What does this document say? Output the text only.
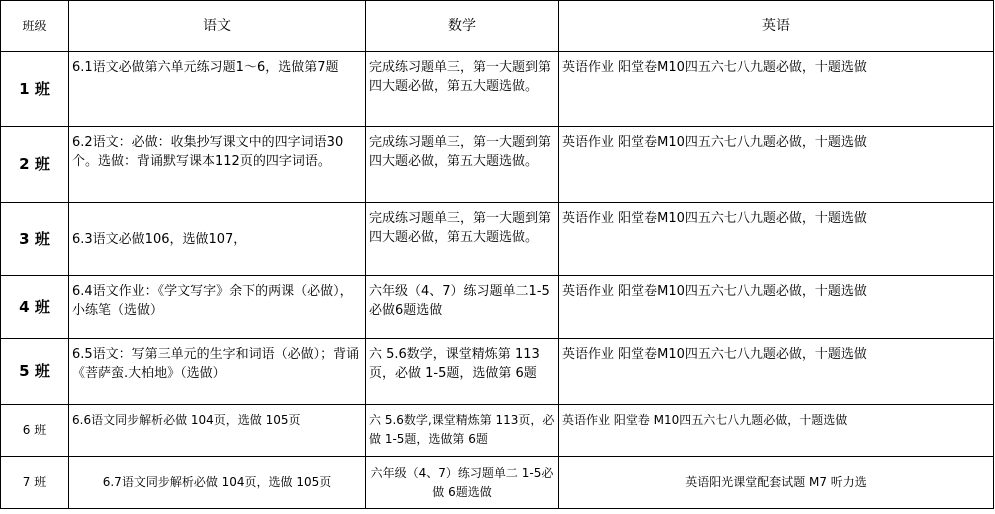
班级	语文	数学	英语
1 班	6.1语文必做第六单元练习题1～6，选做第7题	完成练习题单三，第一大题到第四大题必做，第五大题选做。	英语作业 阳堂卷M10四五六七八九题必做，十题选做
2 班	6.2语文：必做：收集抄写课文中的四字词语30个。选做：背诵默写课本112页的四字词语。	完成练习题单三，第一大题到第四大题必做，第五大题选做。	英语作业 阳堂卷M10四五六七八九题必做，十题选做
3 班	6.3语文必做106，选做107，	完成练习题单三，第一大题到第四大题必做，第五大题选做。	英语作业 阳堂卷M10四五六七八九题必做，十题选做
4 班	6.4语文作业：《学文写字》余下的两课（必做），小练笔（选做）	六年级（4、7）练习题单二1-5必做6题选做	英语作业 阳堂卷M10四五六七八九题必做，十题选做
5 班	6.5语文：写第三单元的生字和词语（必做）；背诵《菩萨蛮.大柏地》（选做）	六 5.6数学，课堂精炼第 113页，必做 1-5题，选做第 6题	英语作业 阳堂卷M10四五六七八九题必做，十题选做
6 班	6.6语文同步解析必做 104页，选做 105页	六 5.6数学,课堂精炼第 113页，必做 1-5题，选做第 6题	英语作业 阳堂卷 M10四五六七八九题必做，十题选做
7 班	6.7语文同步解析必做 104页，选做 105页	六年级（4、7）练习题单二 1-5必做 6题选做	英语阳光课堂配套试题 M7 听力选
